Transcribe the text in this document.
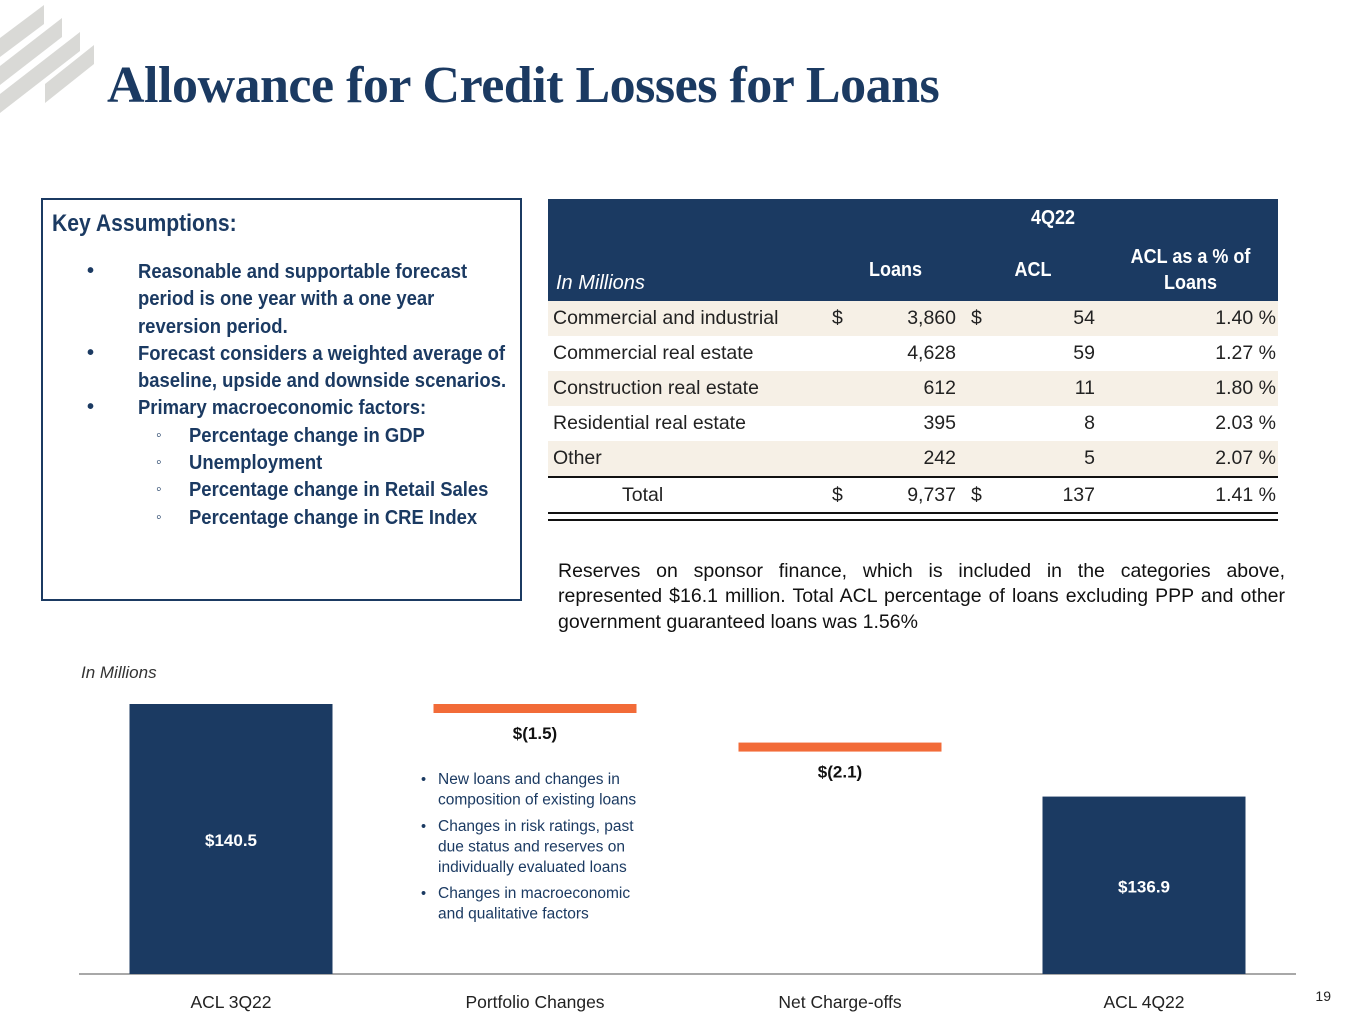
Allowance for Credit Losses for Loans
Key Assumptions:
• Reasonable and supportable forecast period is one year with a one year reversion period.
• Forecast considers a weighted average of baseline, upside and downside scenarios.
• Primary macroeconomic factors:
◦ Percentage change in GDP
◦ Unemployment
◦ Percentage change in Retail Sales
◦ Percentage change in CRE Index
4Q22
In Millions
Loans	ACL
ACL as a % of Loans
Commercial and industrial	$	3,860 $	54	1.40 %
Commercial real estate	4,628	59	1.27 %
Construction real estate	612	11	1.80 %
Residential real estate	395	8	2.03 %
Other	242	5	2.07 %
Total	$	9,737 $	137	1.41 %

Reserves on sponsor finance, which is included in the categories above, represented $16.1 million. Total ACL percentage of loans excluding PPP and other government guaranteed loans was 1.56%

In Millions
$140.5
ACL 3Q22
$(1.5)
Portfolio Changes
$(2.1)
Net Charge-offs
$136.9
ACL 4Q22
• New loans and changes in composition of existing loans
• Changes in risk ratings, past due status and reserves on individually evaluated loans
• Changes in macroeconomic and qualitative factors
19
